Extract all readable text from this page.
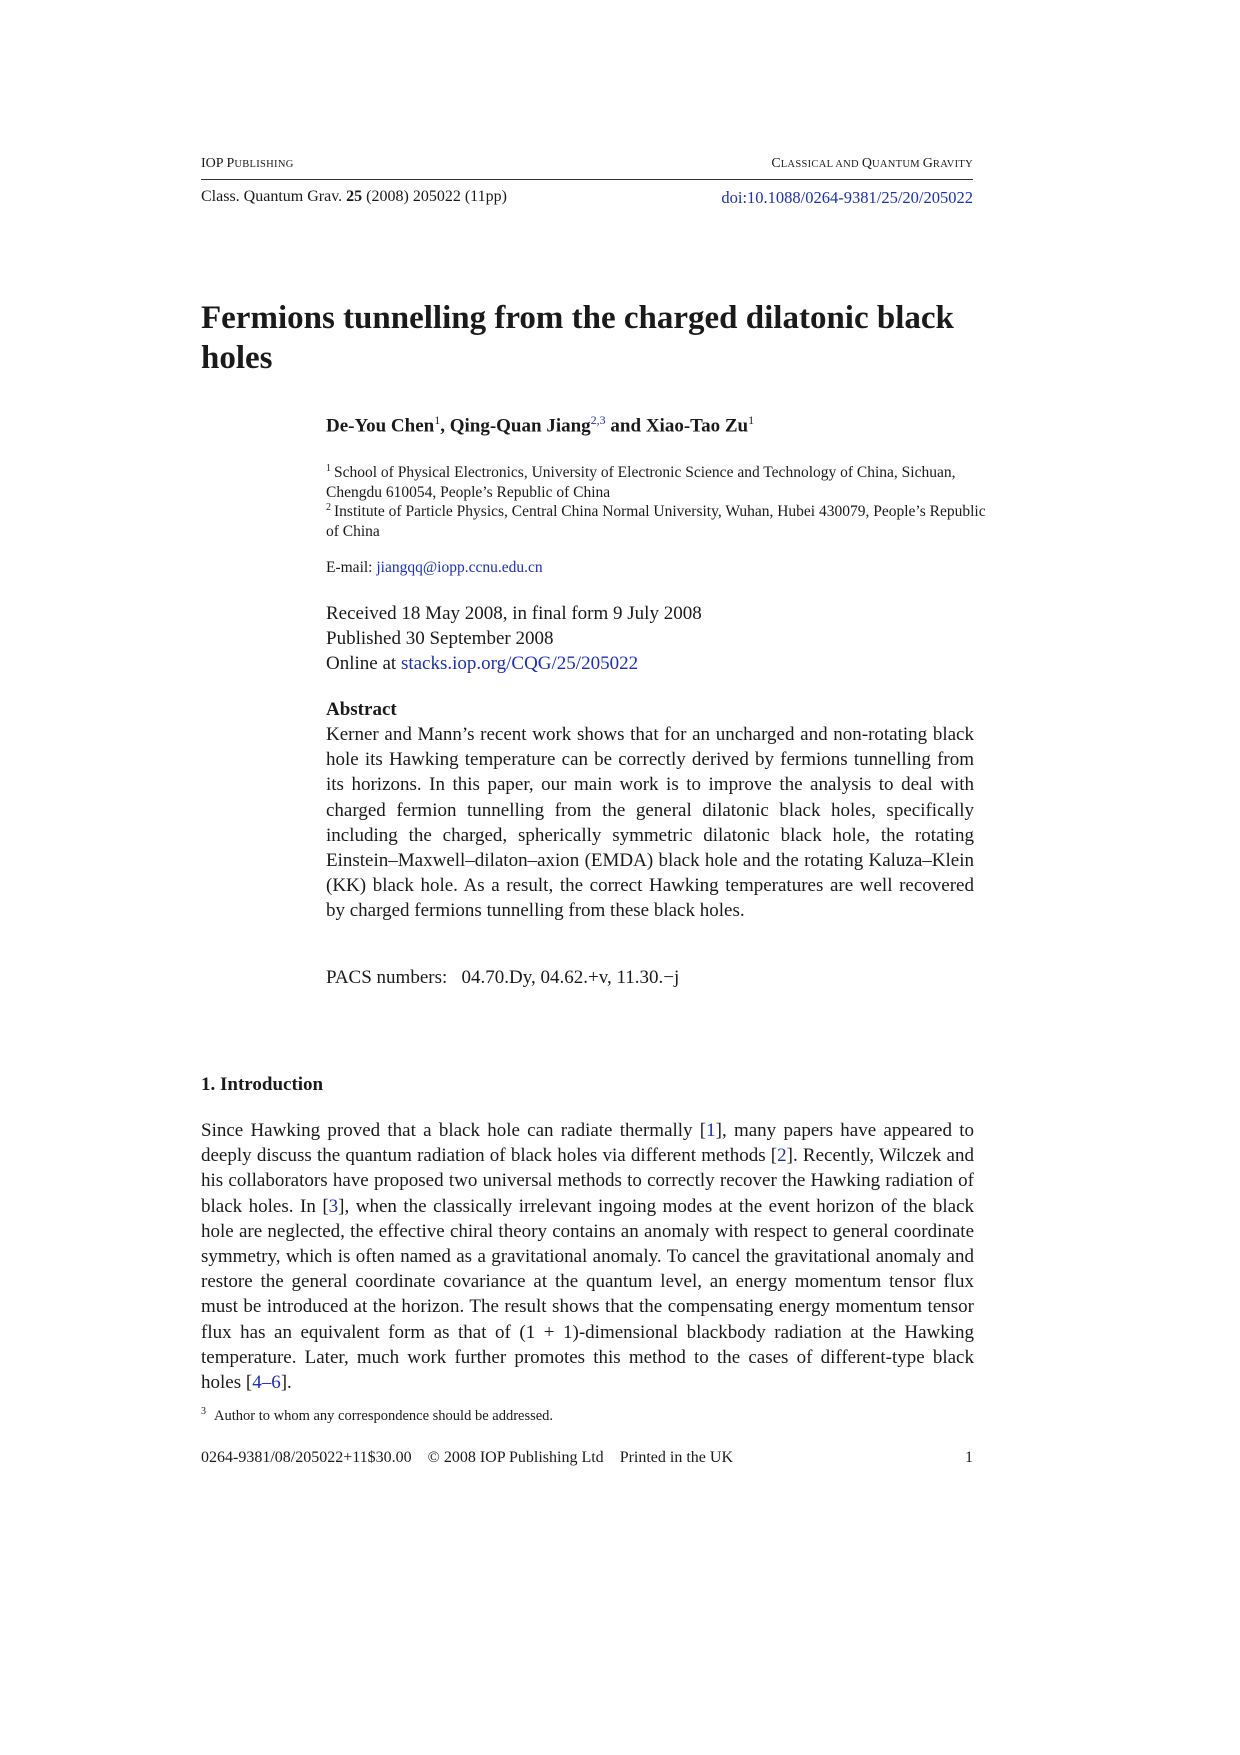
IOP PUBLISHING	CLASSICAL AND QUANTUM GRAVITY
Class. Quantum Grav. 25 (2008) 205022 (11pp)	doi:10.1088/0264-9381/25/20/205022
Fermions tunnelling from the charged dilatonic black holes
De-You Chen$^1$, Qing-Quan Jiang$^{2,3}$ and Xiao-Tao Zu$^1$
$^1$ School of Physical Electronics, University of Electronic Science and Technology of China, Sichuan, Chengdu 610054, People’s Republic of China
$^2$ Institute of Particle Physics, Central China Normal University, Wuhan, Hubei 430079, People’s Republic of China
E-mail: jiangqq@iopp.ccnu.edu.cn
Received 18 May 2008, in final form 9 July 2008
Published 30 September 2008
Online at stacks.iop.org/CQG/25/205022
Abstract

Kerner and Mann’s recent work shows that for an uncharged and non-rotating black hole its Hawking temperature can be correctly derived by fermions tunnelling from its horizons. In this paper, our main work is to improve the analysis to deal with charged fermion tunnelling from the general dilatonic black holes, specifically including the charged, spherically symmetric dilatonic black hole, the rotating Einstein–Maxwell–dilaton–axion (EMDA) black hole and the rotating Kaluza–Klein (KK) black hole. As a result, the correct Hawking temperatures are well recovered by charged fermions tunnelling from these black holes.

PACS numbers: 04.70.Dy, 04.62.+v, 11.30.−j
1. Introduction

Since Hawking proved that a black hole can radiate thermally [1], many papers have appeared to deeply discuss the quantum radiation of black holes via different methods [2]. Recently, Wilczek and his collaborators have proposed two universal methods to correctly recover the Hawking radiation of black holes. In [3], when the classically irrelevant ingoing modes at the event horizon of the black hole are neglected, the effective chiral theory contains an anomaly with respect to general coordinate symmetry, which is often named as a gravitational anomaly. To cancel the gravitational anomaly and restore the general coordinate covariance at the quantum level, an energy momentum tensor flux must be introduced at the horizon. The result shows that the compensating energy momentum tensor flux has an equivalent form as that of (1 + 1)-dimensional blackbody radiation at the Hawking temperature. Later, much work further promotes this method to the cases of different-type black holes [4–6].

$^3$ Author to whom any correspondence should be addressed.
0264-9381/08/205022+11$30.00 © 2008 IOP Publishing Ltd Printed in the UK	1
